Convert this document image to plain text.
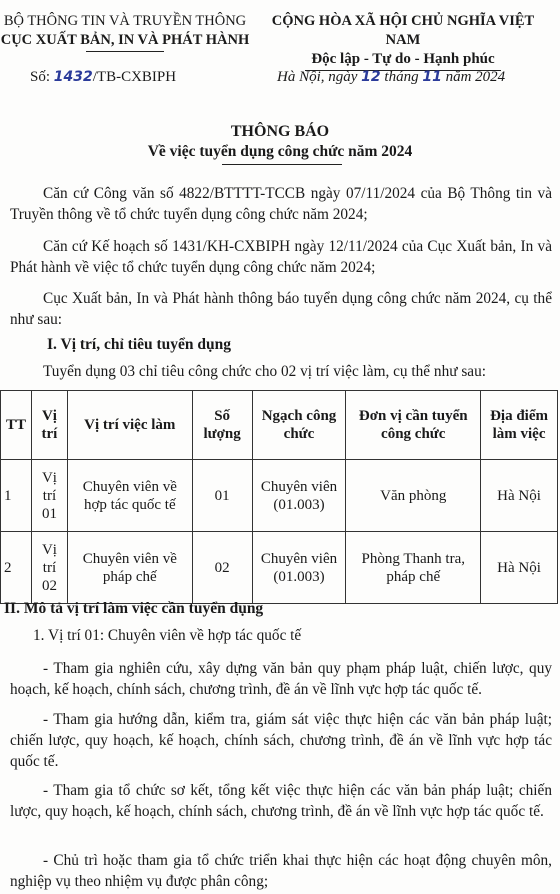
BỘ THÔNG TIN VÀ TRUYỀN THÔNG
CỤC XUẤT BẢN, IN VÀ PHÁT HÀNH
CỘNG HÒA XÃ HỘI CHỦ NGHĨA VIỆT NAM
Độc lập - Tự do - Hạnh phúc
Số: 1432/TB-CXBIPH	Hà Nội, ngày 12 tháng 11 năm 2024
THÔNG BÁO
Về việc tuyển dụng công chức năm 2024

Căn cứ Công văn số 4822/BTTTT-TCCB ngày 07/11/2024 của Bộ Thông tin và Truyền thông về tổ chức tuyển dụng công chức năm 2024;

Căn cứ Kế hoạch số 1431/KH-CXBIPH ngày 12/11/2024 của Cục Xuất bản, In và Phát hành về việc tổ chức tuyển dụng công chức năm 2024;

Cục Xuất bản, In và Phát hành thông báo tuyển dụng công chức năm 2024, cụ thể như sau:

I. Vị trí, chỉ tiêu tuyển dụng
Tuyển dụng 03 chỉ tiêu công chức cho 02 vị trí việc làm, cụ thể như sau:
TT	Vị trí	Vị trí việc làm	Số lượng	Ngạch công chức	Đơn vị cần tuyển công chức	Địa điểm làm việc
1	Vị trí 01	Chuyên viên về hợp tác quốc tế	01	Chuyên viên (01.003)	Văn phòng	Hà Nội
2	Vị trí 02	Chuyên viên về pháp chế	02	Chuyên viên (01.003)	Phòng Thanh tra, pháp chế	Hà Nội
II. Mô tả vị trí làm việc cần tuyển dụng
1. Vị trí 01: Chuyên viên về hợp tác quốc tế

- Tham gia nghiên cứu, xây dựng văn bản quy phạm pháp luật, chiến lược, quy hoạch, kế hoạch, chính sách, chương trình, đề án về lĩnh vực hợp tác quốc tế.

- Tham gia hướng dẫn, kiểm tra, giám sát việc thực hiện các văn bản pháp luật; chiến lược, quy hoạch, kế hoạch, chính sách, chương trình, đề án về lĩnh vực hợp tác quốc tế.

- Tham gia tổ chức sơ kết, tổng kết việc thực hiện các văn bản pháp luật; chiến lược, quy hoạch, kế hoạch, chính sách, chương trình, đề án về lĩnh vực hợp tác quốc tế.

- Chủ trì hoặc tham gia tổ chức triển khai thực hiện các hoạt động chuyên môn, nghiệp vụ theo nhiệm vụ được phân công;
